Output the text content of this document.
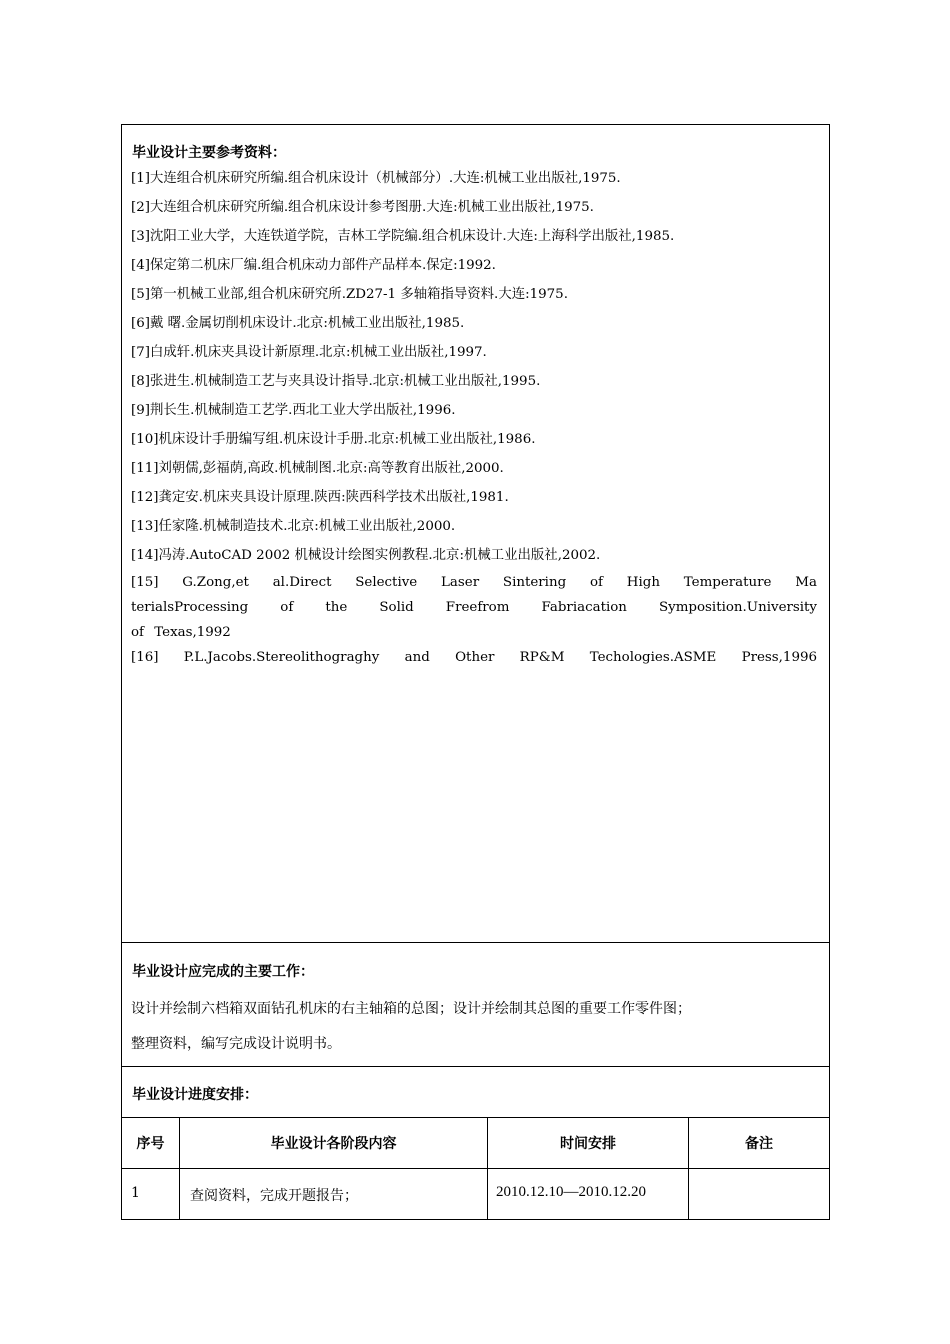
毕业设计主要参考资料：
[1]大连组合机床研究所编.组合机床设计（机械部分）.大连:机械工业出版社,1975.
[2]大连组合机床研究所编.组合机床设计参考图册.大连:机械工业出版社,1975.
[3]沈阳工业大学，大连铁道学院，吉林工学院编.组合机床设计.大连:上海科学出版社,1985.
[4]保定第二机床厂编.组合机床动力部件产品样本.保定:1992.
[5]第一机械工业部,组合机床研究所.ZD27-1 多轴箱指导资料.大连:1975.
[6]戴 曙.金属切削机床设计.北京:机械工业出版社,1985.
[7]白成轩.机床夹具设计新原理.北京:机械工业出版社,1997.
[8]张进生.机械制造工艺与夹具设计指导.北京:机械工业出版社,1995.
[9]荆长生.机械制造工艺学.西北工业大学出版社,1996.
[10]机床设计手册编写组.机床设计手册.北京:机械工业出版社,1986.
[11]刘朝儒,彭福荫,高政.机械制图.北京:高等教育出版社,2000.
[12]龚定安.机床夹具设计原理.陕西:陕西科学技术出版社,1981.
[13]任家隆.机械制造技术.北京:机械工业出版社,2000.
[14]冯涛.AutoCAD 2002 机械设计绘图实例教程.北京:机械工业出版社,2002.
[15] G.Zong,et al.Direct Selective Laser Sintering of High Temperature Ma
terialsProcessing of the Solid Freefrom Fabriacation Symposition.University
of Texas,1992
[16] P.L.Jacobs.Stereolithograghy and Other RP&M Techologies.ASME Press,1996
毕业设计应完成的主要工作：
设计并绘制六档箱双面钻孔机床的右主轴箱的总图；设计并绘制其总图的重要工作零件图；
整理资料，编写完成设计说明书。
毕业设计进度安排：
序号	毕业设计各阶段内容	时间安排	备注
1	查阅资料，完成开题报告；	2010.12.10—2010.12.20
